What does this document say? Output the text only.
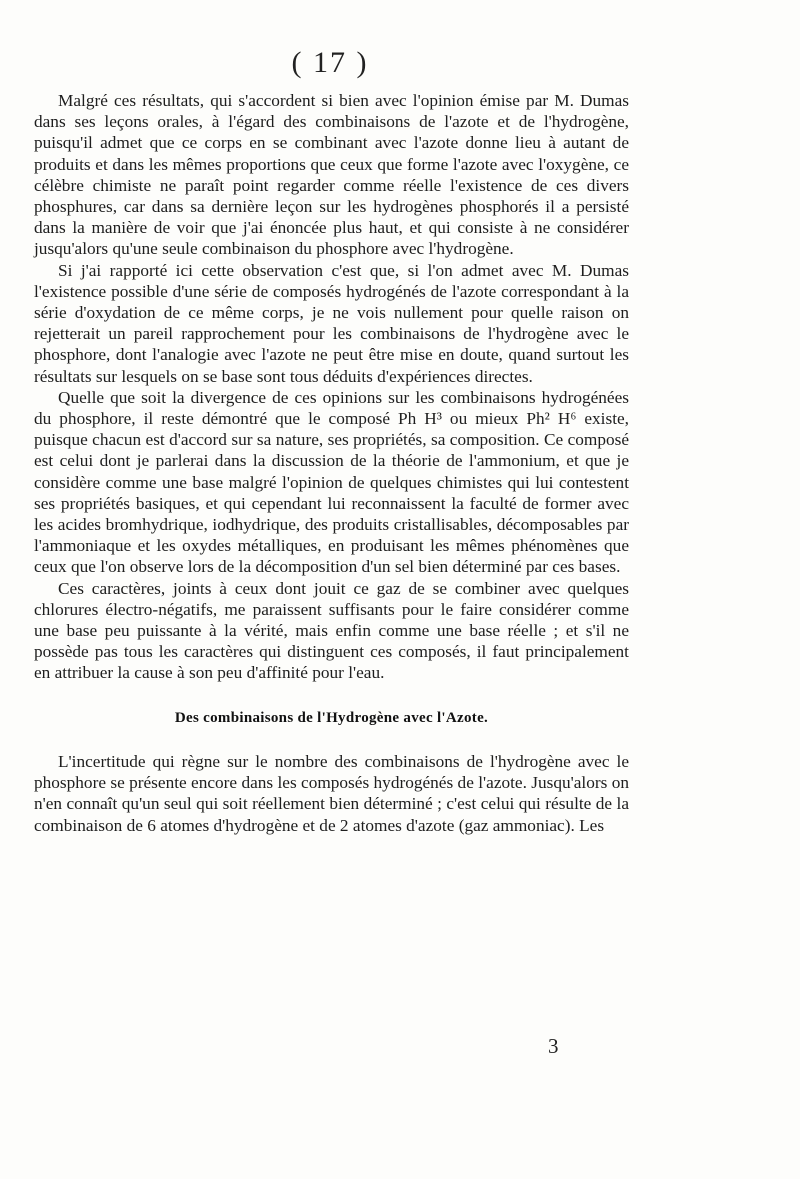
( 17 )

Malgré ces résultats, qui s'accordent si bien avec l'opinion émise par M. Dumas dans ses leçons orales, à l'égard des combinaisons de l'azote et de l'hydrogène, puisqu'il admet que ce corps en se combinant avec l'azote donne lieu à autant de produits et dans les mêmes proportions que ceux que forme l'azote avec l'oxygène, ce célèbre chimiste ne paraît point regarder comme réelle l'existence de ces divers phosphures, car dans sa dernière leçon sur les hydrogènes phosphorés il a persisté dans la manière de voir que j'ai énoncée plus haut, et qui consiste à ne considérer jusqu'alors qu'une seule combinaison du phosphore avec l'hydrogène.

Si j'ai rapporté ici cette observation c'est que, si l'on admet avec M. Dumas l'existence possible d'une série de composés hydrogénés de l'azote correspondant à la série d'oxydation de ce même corps, je ne vois nullement pour quelle raison on rejetterait un pareil rapprochement pour les combinaisons de l'hydrogène avec le phosphore, dont l'analogie avec l'azote ne peut être mise en doute, quand surtout les résultats sur lesquels on se base sont tous déduits d'expériences directes.

Quelle que soit la divergence de ces opinions sur les combinaisons hydrogénées du phosphore, il reste démontré que le composé Ph H³ ou mieux Ph² H⁶ existe, puisque chacun est d'accord sur sa nature, ses propriétés, sa composition. Ce composé est celui dont je parlerai dans la discussion de la théorie de l'ammonium, et que je considère comme une base malgré l'opinion de quelques chimistes qui lui contestent ses propriétés basiques, et qui cependant lui reconnaissent la faculté de former avec les acides bromhydrique, iodhydrique, des produits cristallisables, décomposables par l'ammoniaque et les oxydes métalliques, en produisant les mêmes phénomènes que ceux que l'on observe lors de la décomposition d'un sel bien déterminé par ces bases.

Ces caractères, joints à ceux dont jouit ce gaz de se combiner avec quelques chlorures électro-négatifs, me paraissent suffisants pour le faire considérer comme une base peu puissante à la vérité, mais enfin comme une base réelle ; et s'il ne possède pas tous les caractères qui distinguent ces composés, il faut principalement en attribuer la cause à son peu d'affinité pour l'eau.

Des combinaisons de l'Hydrogène avec l'Azote.

L'incertitude qui règne sur le nombre des combinaisons de l'hydrogène avec le phosphore se présente encore dans les composés hydrogénés de l'azote. Jusqu'alors on n'en connaît qu'un seul qui soit réellement bien déterminé ; c'est celui qui résulte de la combinaison de 6 atomes d'hydrogène et de 2 atomes d'azote (gaz ammoniac). Les

3
